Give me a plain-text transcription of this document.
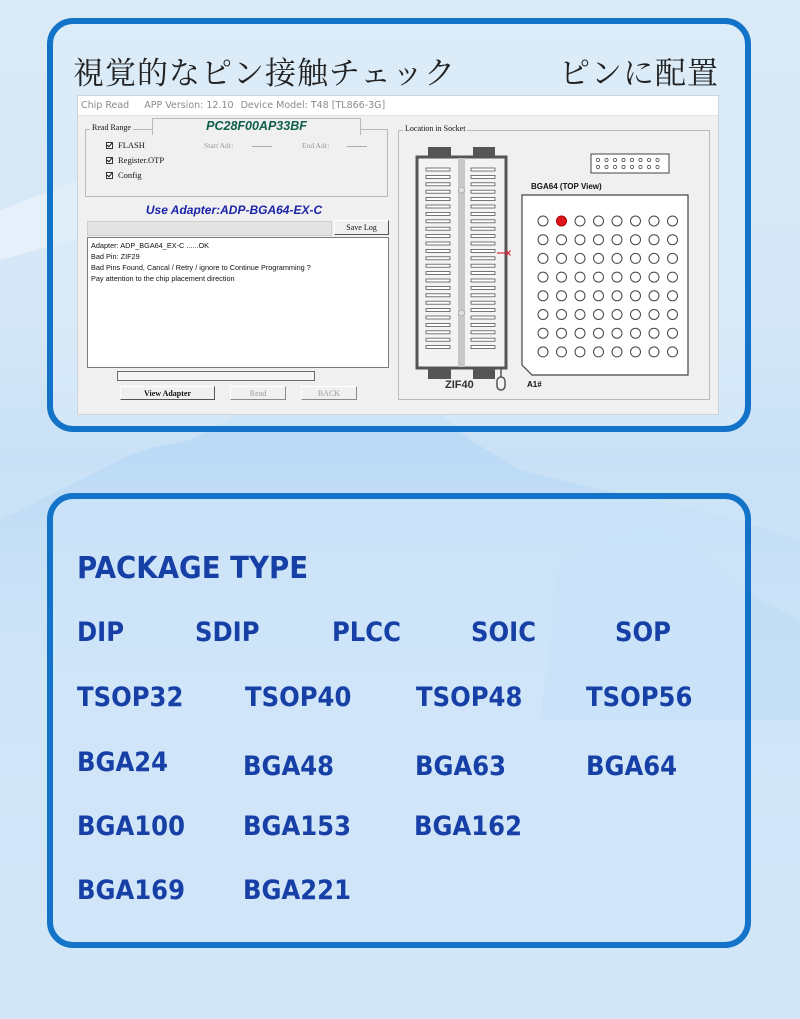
視覚的なピン接触チェック	ピンに配置
Chip Read APP Version: 12.10 Device Model: T48 [TL866-3G]
Read Range
FLASH
Register.OTP
Config
Start Adr: --------	End Adr: --------
PC28F00AP33BF
Use Adapter:ADP-BGA64-EX-C
Save Log
Adapter: ADP_BGA64_EX-C ......OK
Bad Pin: ZIF29
Bad Pins Found, Cancal / Retry / ignore to Continue Programming ?
Pay attention to the chip placement direction
View Adapter	Read	BACK
Location in Socket
BGA64 (TOP View)
ZIF40	A1#
PACKAGE TYPE
DIP	SDIP	PLCC	SOIC	SOP
TSOP32 TSOP40 TSOP48 TSOP56
BGA24	BGA48	BGA63	BGA64
BGA100 BGA153 BGA162
BGA169 BGA221
